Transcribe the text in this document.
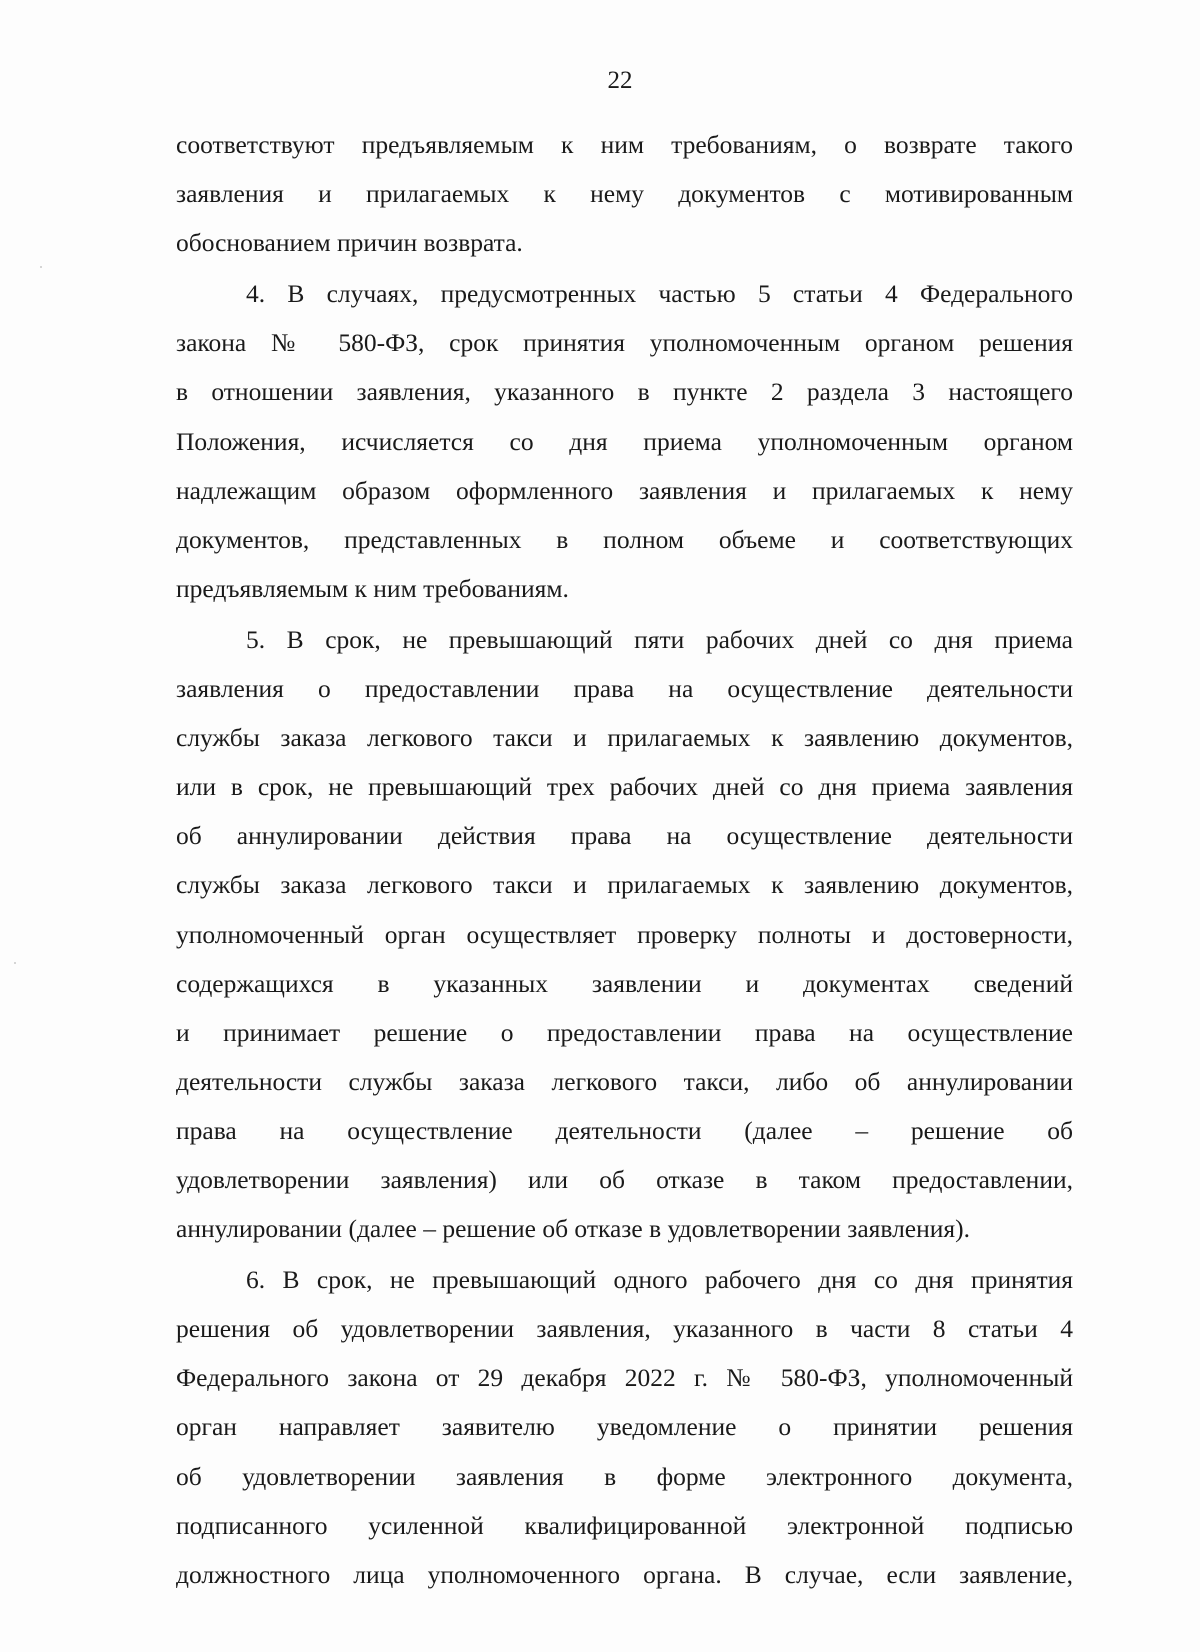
22
соответствуют предъявляемым к ним требованиям, о возврате такого
заявления и прилагаемых к нему документов с мотивированным
обоснованием причин возврата.
4. В случаях, предусмотренных частью 5 статьи 4 Федерального
закона № 580-ФЗ, срок принятия уполномоченным органом решения
в отношении заявления, указанного в пункте 2 раздела 3 настоящего
Положения, исчисляется со дня приема уполномоченным органом
надлежащим образом оформленного заявления и прилагаемых к нему
документов, представленных в полном объеме и соответствующих
предъявляемым к ним требованиям.
5. В срок, не превышающий пяти рабочих дней со дня приема
заявления о предоставлении права на осуществление деятельности
службы заказа легкового такси и прилагаемых к заявлению документов,
или в срок, не превышающий трех рабочих дней со дня приема заявления
об аннулировании действия права на осуществление деятельности
службы заказа легкового такси и прилагаемых к заявлению документов,
уполномоченный орган осуществляет проверку полноты и достоверности,
содержащихся в указанных заявлении и документах сведений
и принимает решение о предоставлении права на осуществление
деятельности службы заказа легкового такси, либо об аннулировании
права на осуществление деятельности (далее – решение об
удовлетворении заявления) или об отказе в таком предоставлении,
аннулировании (далее – решение об отказе в удовлетворении заявления).
6. В срок, не превышающий одного рабочего дня со дня принятия
решения об удовлетворении заявления, указанного в части 8 статьи 4
Федерального закона от 29 декабря 2022 г. № 580-ФЗ, уполномоченный
орган направляет заявителю уведомление о принятии решения
об удовлетворении заявления в форме электронного документа,
подписанного усиленной квалифицированной электронной подписью
должностного лица уполномоченного органа. В случае, если заявление,
